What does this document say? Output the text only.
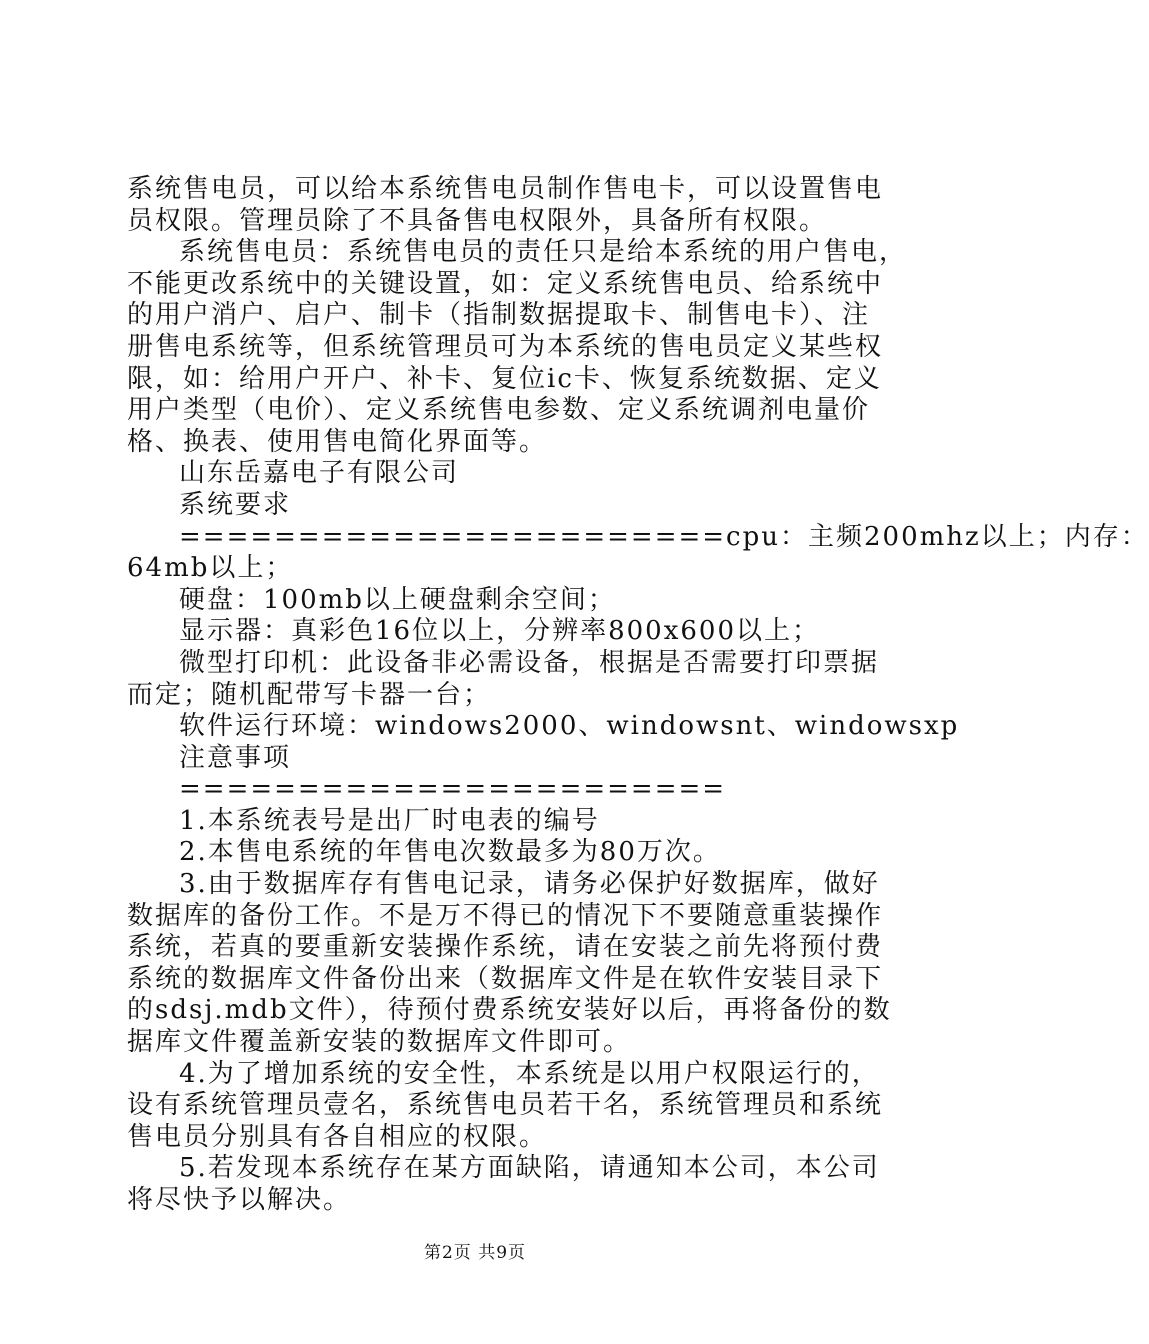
系统售电员，可以给本系统售电员制作售电卡，可以设置售电
员权限。管理员除了不具备售电权限外，具备所有权限。
系统售电员：系统售电员的责任只是给本系统的用户售电，
不能更改系统中的关键设置，如：定义系统售电员、给系统中
的用户消户、启户、制卡（指制数据提取卡、制售电卡）、注
册售电系统等，但系统管理员可为本系统的售电员定义某些权
限，如：给用户开户、补卡、复位ic卡、恢复系统数据、定义
用户类型（电价）、定义系统售电参数、定义系统调剂电量价
格、换表、使用售电简化界面等。
山东岳嘉电子有限公司
系统要求
=======================cpu：主频200mhz以上；内存：
64mb以上；
硬盘：100mb以上硬盘剩余空间；
显示器：真彩色16位以上，分辨率800x600以上；
微型打印机：此设备非必需设备，根据是否需要打印票据
而定；随机配带写卡器一台；
软件运行环境：windows2000、windowsnt、windowsxp
注意事项
=======================
1.本系统表号是出厂时电表的编号
2.本售电系统的年售电次数最多为80万次。
3.由于数据库存有售电记录，请务必保护好数据库，做好
数据库的备份工作。不是万不得已的情况下不要随意重装操作
系统，若真的要重新安装操作系统，请在安装之前先将预付费
系统的数据库文件备份出来（数据库文件是在软件安装目录下
的sdsj.mdb文件），待预付费系统安装好以后，再将备份的数
据库文件覆盖新安装的数据库文件即可。
4.为了增加系统的安全性，本系统是以用户权限运行的，
设有系统管理员壹名，系统售电员若干名，系统管理员和系统
售电员分别具有各自相应的权限。
5.若发现本系统存在某方面缺陷，请通知本公司，本公司
将尽快予以解决。
第2页 共9页
